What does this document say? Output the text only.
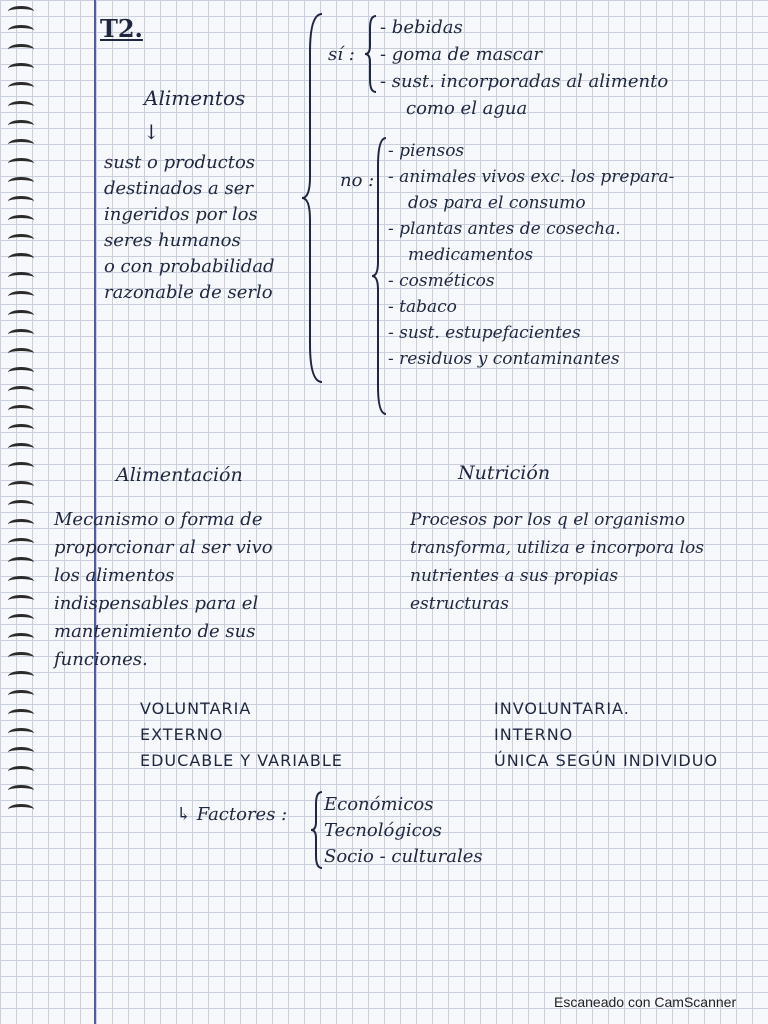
T2.
Alimentos
↓
sust o productos
destinados a ser
ingeridos por los
seres humanos
o con probabilidad
razonable de serlo
sí :
- bebidas
- goma de mascar
- sust. incorporadas al alimento
como el agua
no :
- piensos
- animales vivos exc. los prepara-
dos para el consumo
- plantas antes de cosecha.
medicamentos
- cosméticos
- tabaco
- sust. estupefacientes
- residuos y contaminantes
Alimentación
Mecanismo o forma de
proporcionar al ser vivo
los alimentos
indispensables para el
mantenimiento de sus
funciones.
Nutrición
Procesos por los q el organismo
transforma, utiliza e incorpora los
nutrientes a sus propias
estructuras
VOLUNTARIA
EXTERNO
EDUCABLE Y VARIABLE
INVOLUNTARIA.
INTERNO
ÚNICA SEGÚN INDIVIDUO
↳ Factores : Económicos
Tecnológicos
Socio - culturales
Escaneado con CamScanner
